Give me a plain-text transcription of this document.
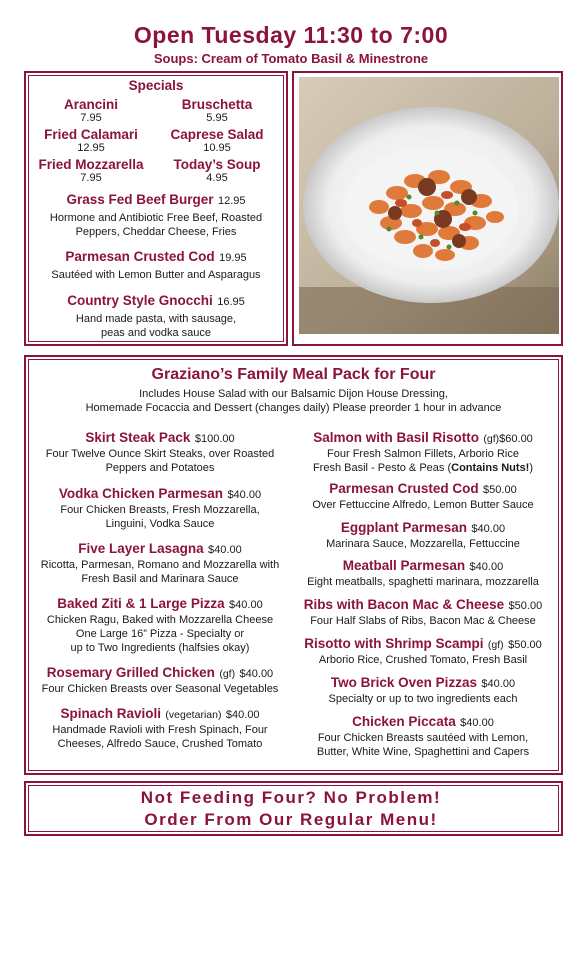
Open Tuesday 11:30 to 7:00
Soups: Cream of Tomato Basil & Minestrone
Specials
Arancini
7.95
Bruschetta
5.95
Fried Calamari
12.95
Caprese Salad
10.95
Fried Mozzarella
7.95
Today’s Soup
4.95
Grass Fed Beef Burger 12.95
Hormone and Antibiotic Free Beef, Roasted
Peppers, Cheddar Cheese, Fries
Parmesan Crusted Cod 19.95
Sautéed with Lemon Butter and Asparagus
Country Style Gnocchi 16.95
Hand made pasta, with sausage,
peas and vodka sauce
Graziano’s Family Meal Pack for Four
Includes House Salad with our Balsamic Dijon House Dressing,
Homemade Focaccia and Dessert (changes daily) Please preorder 1 hour in advance
Skirt Steak Pack $100.00
Four Twelve Ounce Skirt Steaks, over Roasted
Peppers and Potatoes
Vodka Chicken Parmesan $40.00
Four Chicken Breasts, Fresh Mozzarella,
Linguini, Vodka Sauce
Five Layer Lasagna $40.00
Ricotta, Parmesan, Romano and Mozzarella with
Fresh Basil and Marinara Sauce
Baked Ziti & 1 Large Pizza $40.00
Chicken Ragu, Baked with Mozzarella Cheese
One Large 16” Pizza - Specialty or
up to Two Ingredients (halfsies okay)
Rosemary Grilled Chicken (gf) $40.00
Four Chicken Breasts over Seasonal Vegetables
Spinach Ravioli (vegetarian) $40.00
Handmade Ravioli with Fresh Spinach, Four
Cheeses, Alfredo Sauce, Crushed Tomato
Salmon with Basil Risotto (gf)$60.00
Four Fresh Salmon Fillets, Arborio Rice
Fresh Basil - Pesto & Peas (Contains Nuts!)
Parmesan Crusted Cod $50.00
Over Fettuccine Alfredo, Lemon Butter Sauce
Eggplant Parmesan $40.00
Marinara Sauce, Mozzarella, Fettuccine
Meatball Parmesan $40.00
Eight meatballs, spaghetti marinara, mozzarella
Ribs with Bacon Mac & Cheese $50.00
Four Half Slabs of Ribs, Bacon Mac & Cheese
Risotto with Shrimp Scampi (gf) $50.00
Arborio Rice, Crushed Tomato, Fresh Basil
Two Brick Oven Pizzas $40.00
Specialty or up to two ingredients each
Chicken Piccata $40.00
Four Chicken Breasts sautéed with Lemon,
Butter, White Wine, Spaghettini and Capers
Not Feeding Four? No Problem!
Order From Our Regular Menu!
